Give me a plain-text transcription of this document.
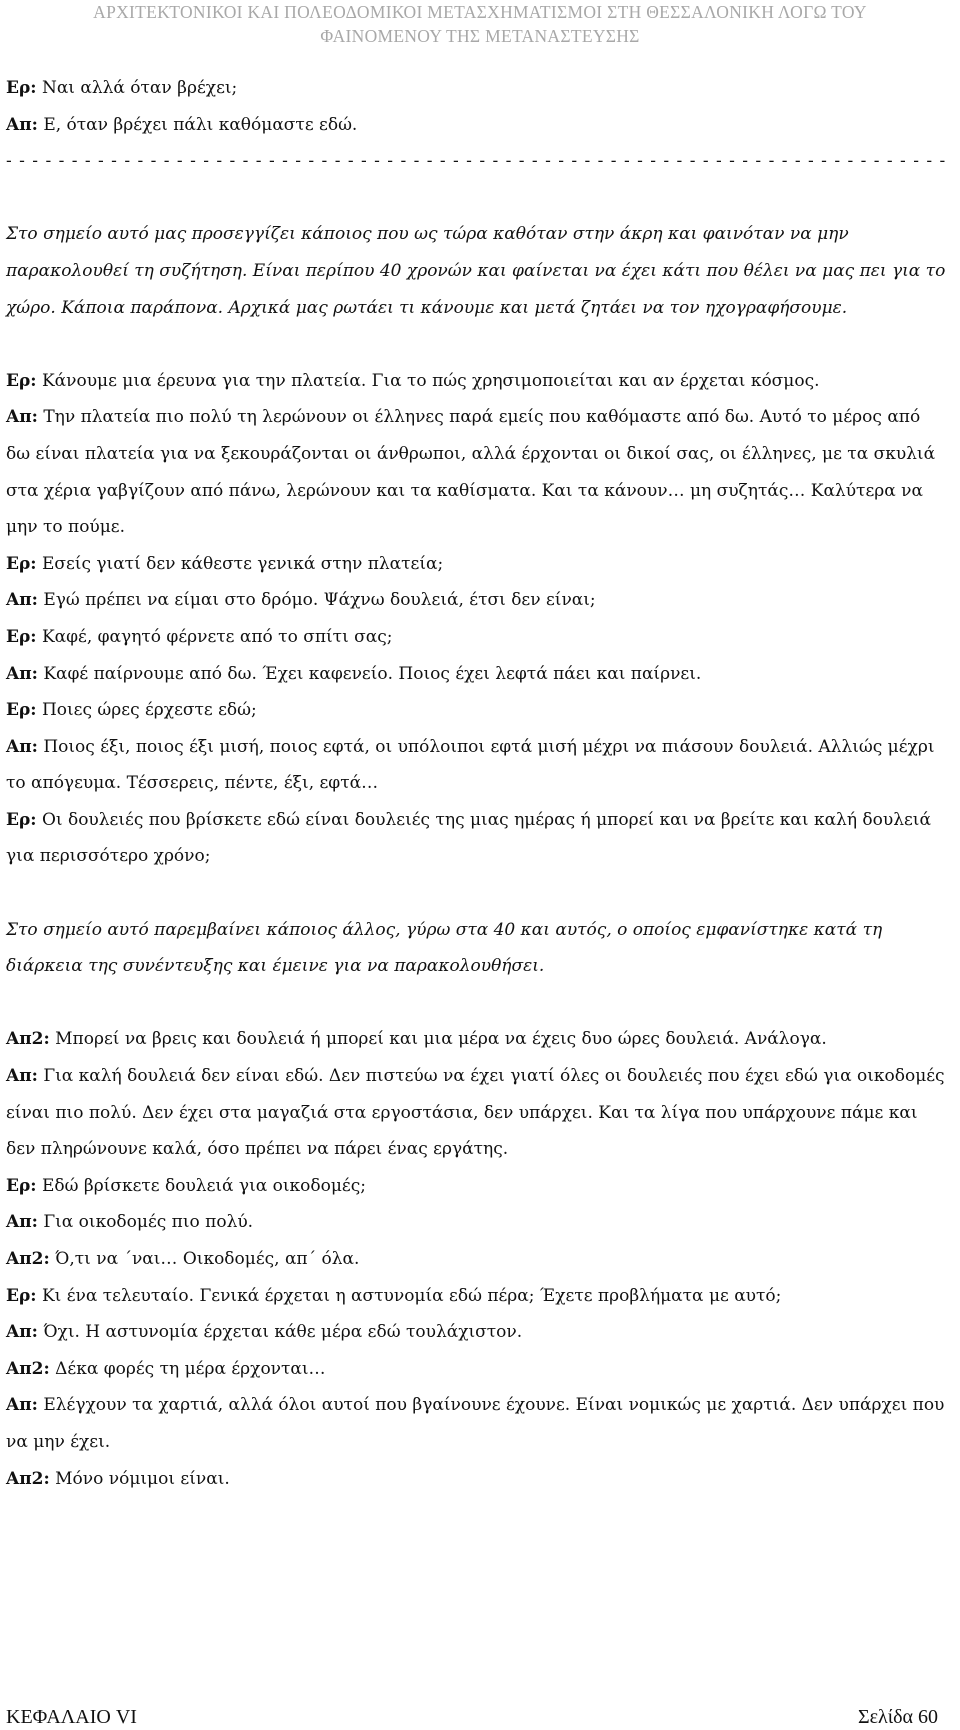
ΑΡΧΙΤΕΚΤΟΝΙΚΟΙ ΚΑΙ ΠΟΛΕΟΔΟΜΙΚΟΙ ΜΕΤΑΣΧΗΜΑΤΙΣΜΟΙ ΣΤΗ ΘΕΣΣΑΛΟΝΙΚΗ ΛΟΓΩ ΤΟΥ
ΦΑΙΝΟΜΕΝΟΥ ΤΗΣ ΜΕΤΑΝΑΣΤΕΥΣΗΣ

Ερ: Ναι αλλά όταν βρέχει;

Απ: Ε, όταν βρέχει πάλι καθόμαστε εδώ.

- - - - - - - - - - - - - - - - - - - - - - - - - - - - - - - - - - - - - - - - - - - - - - - - - - - - - - - - - - - - - - - - - - - - - - - -

Στο σημείο αυτό μας προσεγγίζει κάποιος που ως τώρα καθόταν στην άκρη και φαινόταν να μην παρακολουθεί τη συζήτηση. Είναι περίπου 40 χρονών και φαίνεται να έχει κάτι που θέλει να μας πει για το χώρο. Κάποια παράπονα. Αρχικά μας ρωτάει τι κάνουμε και μετά ζητάει να τον ηχογραφήσουμε.

Ερ: Κάνουμε μια έρευνα για την πλατεία. Για το πώς χρησιμοποιείται και αν έρχεται κόσμος.

Απ: Την πλατεία πιο πολύ τη λερώνουν οι έλληνες παρά εμείς που καθόμαστε από δω. Αυτό το μέρος από δω είναι πλατεία για να ξεκουράζονται οι άνθρωποι, αλλά έρχονται οι δικοί σας, οι έλληνες, με τα σκυλιά στα χέρια γαβγίζουν από πάνω, λερώνουν και τα καθίσματα. Και τα κάνουν… μη συζητάς… Καλύτερα να μην το πούμε.

Ερ: Εσείς γιατί δεν κάθεστε γενικά στην πλατεία;

Απ: Εγώ πρέπει να είμαι στο δρόμο. Ψάχνω δουλειά, έτσι δεν είναι;

Ερ: Καφέ, φαγητό φέρνετε από το σπίτι σας;

Απ: Καφέ παίρνουμε από δω. Έχει καφενείο. Ποιος έχει λεφτά πάει και παίρνει.

Ερ: Ποιες ώρες έρχεστε εδώ;

Απ: Ποιος έξι, ποιος έξι μισή, ποιος εφτά, οι υπόλοιποι εφτά μισή μέχρι να πιάσουν δουλειά. Αλλιώς μέχρι το απόγευμα. Τέσσερεις, πέντε, έξι, εφτά…

Ερ: Οι δουλειές που βρίσκετε εδώ είναι δουλειές της μιας ημέρας ή μπορεί και να βρείτε και καλή δουλειά για περισσότερο χρόνο;

Στο σημείο αυτό παρεμβαίνει κάποιος άλλος, γύρω στα 40 και αυτός, ο οποίος εμφανίστηκε κατά τη διάρκεια της συνέντευξης και έμεινε για να παρακολουθήσει.

Απ2: Μπορεί να βρεις και δουλειά ή μπορεί και μια μέρα να έχεις δυο ώρες δουλειά. Ανάλογα.

Απ: Για καλή δουλειά δεν είναι εδώ. Δεν πιστεύω να έχει γιατί όλες οι δουλειές που έχει εδώ για οικοδομές είναι πιο πολύ. Δεν έχει στα μαγαζιά στα εργοστάσια, δεν υπάρχει. Και τα λίγα που υπάρχουνε πάμε και δεν πληρώνουνε καλά, όσο πρέπει να πάρει ένας εργάτης.

Ερ: Εδώ βρίσκετε δουλειά για οικοδομές;

Απ: Για οικοδομές πιο πολύ.

Απ2: Ό,τι να ΄ναι… Οικοδομές, απ΄ όλα.

Ερ: Κι ένα τελευταίο. Γενικά έρχεται η αστυνομία εδώ πέρα; Έχετε προβλήματα με αυτό;

Απ: Όχι. Η αστυνομία έρχεται κάθε μέρα εδώ τουλάχιστον.

Απ2: Δέκα φορές τη μέρα έρχονται…

Απ: Ελέγχουν τα χαρτιά, αλλά όλοι αυτοί που βγαίνουνε έχουνε. Είναι νομικώς με χαρτιά. Δεν υπάρχει που να μην έχει.

Απ2: Μόνο νόμιμοι είναι.

ΚΕΦΑΛΑΙΟ VI	Σελίδα 60
